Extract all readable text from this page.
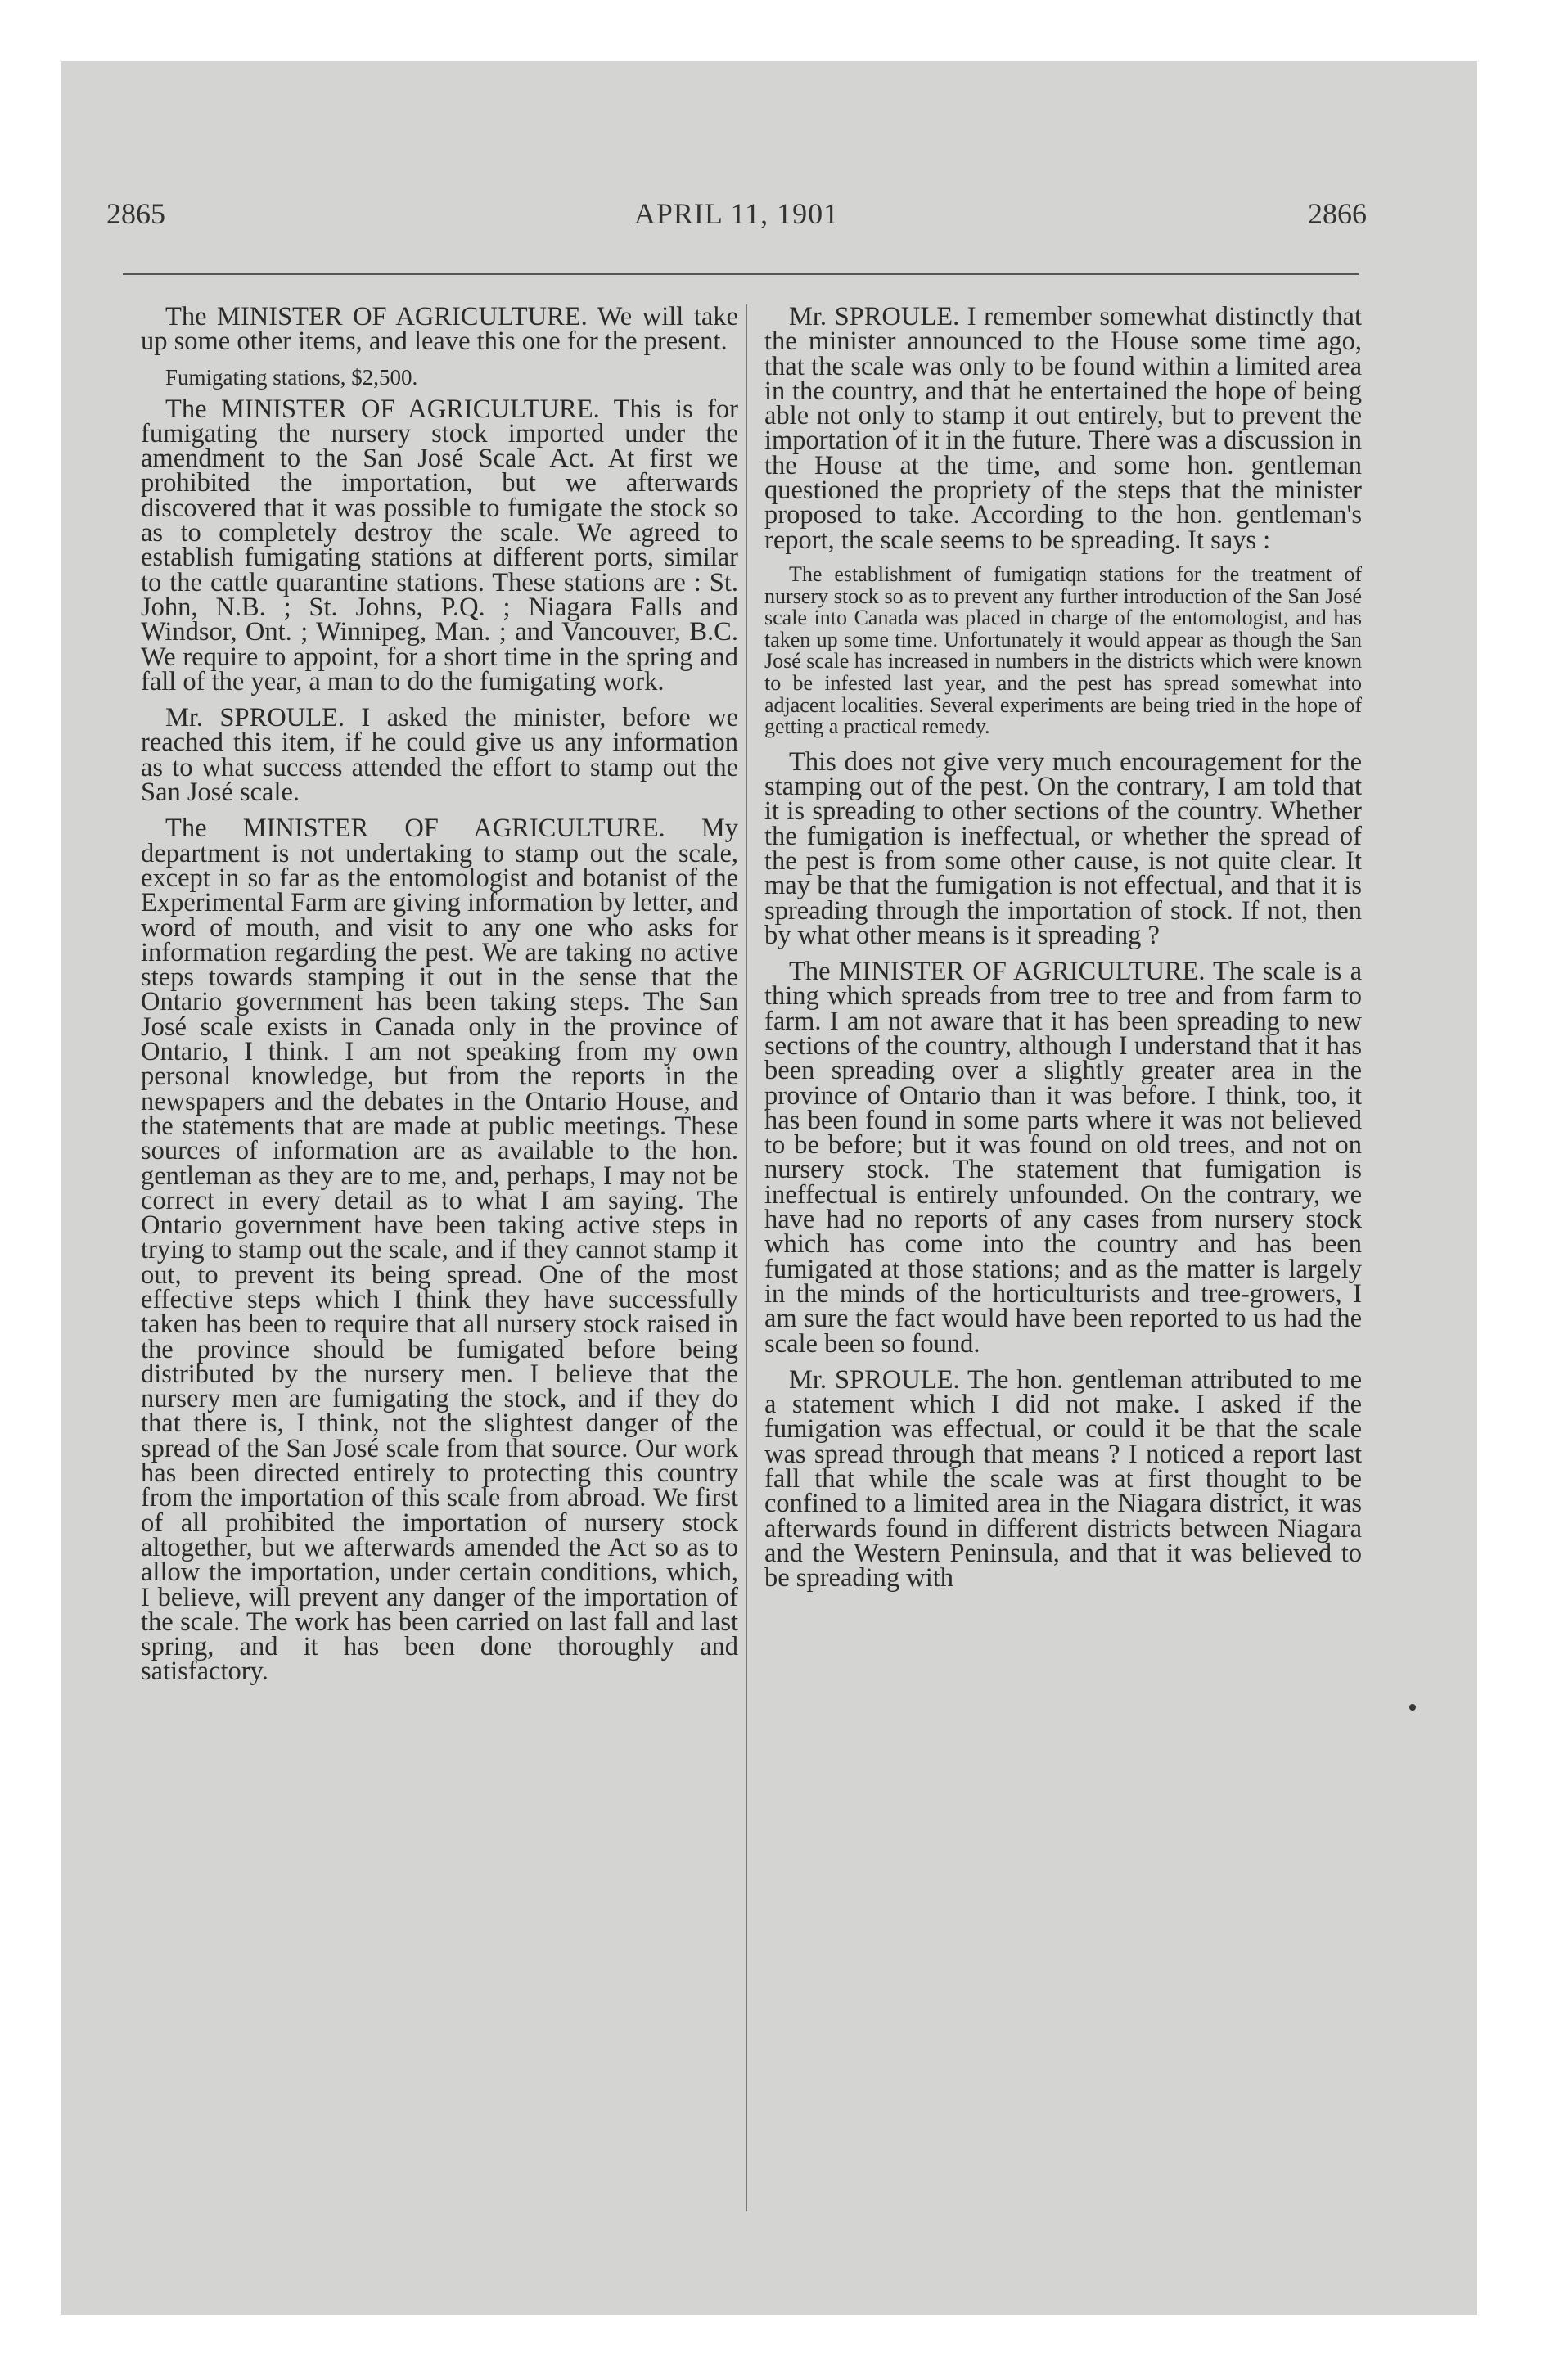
2865	APRIL 11, 1901	2866

The MINISTER OF AGRICULTURE. We will take up some other items, and leave this one for the present.

Fumigating stations, $2,500.

The MINISTER OF AGRICULTURE. This is for fumigating the nursery stock imported under the amendment to the San José Scale Act. At first we prohibited the importation, but we afterwards discovered that it was possible to fumigate the stock so as to completely destroy the scale. We agreed to establish fumigating stations at different ports, similar to the cattle quarantine stations. These stations are : St. John, N.B. ; St. Johns, P.Q. ; Niagara Falls and Windsor, Ont. ; Winnipeg, Man. ; and Vancouver, B.C. We require to appoint, for a short time in the spring and fall of the year, a man to do the fumigating work.

Mr. SPROULE. I asked the minister, before we reached this item, if he could give us any information as to what success attended the effort to stamp out the San José scale.

The MINISTER OF AGRICULTURE. My department is not undertaking to stamp out the scale, except in so far as the entomologist and botanist of the Experimental Farm are giving information by letter, and word of mouth, and visit to any one who asks for information regarding the pest. We are taking no active steps towards stamping it out in the sense that the Ontario government has been taking steps. The San José scale exists in Canada only in the province of Ontario, I think. I am not speaking from my own personal knowledge, but from the reports in the newspapers and the debates in the Ontario House, and the statements that are made at public meetings. These sources of information are as available to the hon. gentleman as they are to me, and, perhaps, I may not be correct in every detail as to what I am saying. The Ontario government have been taking active steps in trying to stamp out the scale, and if they cannot stamp it out, to prevent its being spread. One of the most effective steps which I think they have successfully taken has been to require that all nursery stock raised in the province should be fumigated before being distributed by the nursery men. I believe that the nursery men are fumigating the stock, and if they do that there is, I think, not the slightest danger of the spread of the San José scale from that source. Our work has been directed entirely to protecting this country from the importation of this scale from abroad. We first of all prohibited the importation of nursery stock altogether, but we afterwards amended the Act so as to allow the importation, under certain conditions, which, I believe, will prevent any danger of the importation of the scale. The work has been carried on last fall and last spring, and it has been done thoroughly and satisfactory.

Mr. SPROULE. I remember somewhat distinctly that the minister announced to the House some time ago, that the scale was only to be found within a limited area in the country, and that he entertained the hope of being able not only to stamp it out entirely, but to prevent the importation of it in the future. There was a discussion in the House at the time, and some hon. gentleman questioned the propriety of the steps that the minister proposed to take. According to the hon. gentleman's report, the scale seems to be spreading. It says :

The establishment of fumigatiqn stations for the treatment of nursery stock so as to prevent any further introduction of the San José scale into Canada was placed in charge of the entomologist, and has taken up some time. Unfortunately it would appear as though the San José scale has increased in numbers in the districts which were known to be infested last year, and the pest has spread somewhat into adjacent localities. Several experiments are being tried in the hope of getting a practical remedy.

This does not give very much encouragement for the stamping out of the pest. On the contrary, I am told that it is spreading to other sections of the country. Whether the fumigation is ineffectual, or whether the spread of the pest is from some other cause, is not quite clear. It may be that the fumigation is not effectual, and that it is spreading through the importation of stock. If not, then by what other means is it spreading ?

The MINISTER OF AGRICULTURE. The scale is a thing which spreads from tree to tree and from farm to farm. I am not aware that it has been spreading to new sections of the country, although I understand that it has been spreading over a slightly greater area in the province of Ontario than it was before. I think, too, it has been found in some parts where it was not believed to be before; but it was found on old trees, and not on nursery stock. The statement that fumigation is ineffectual is entirely unfounded. On the contrary, we have had no reports of any cases from nursery stock which has come into the country and has been fumigated at those stations; and as the matter is largely in the minds of the horticulturists and tree-growers, I am sure the fact would have been reported to us had the scale been so found.

Mr. SPROULE. The hon. gentleman attributed to me a statement which I did not make. I asked if the fumigation was effectual, or could it be that the scale was spread through that means ? I noticed a report last fall that while the scale was at first thought to be confined to a limited area in the Niagara district, it was afterwards found in different districts between Niagara and the Western Peninsula, and that it was believed to be spreading with
